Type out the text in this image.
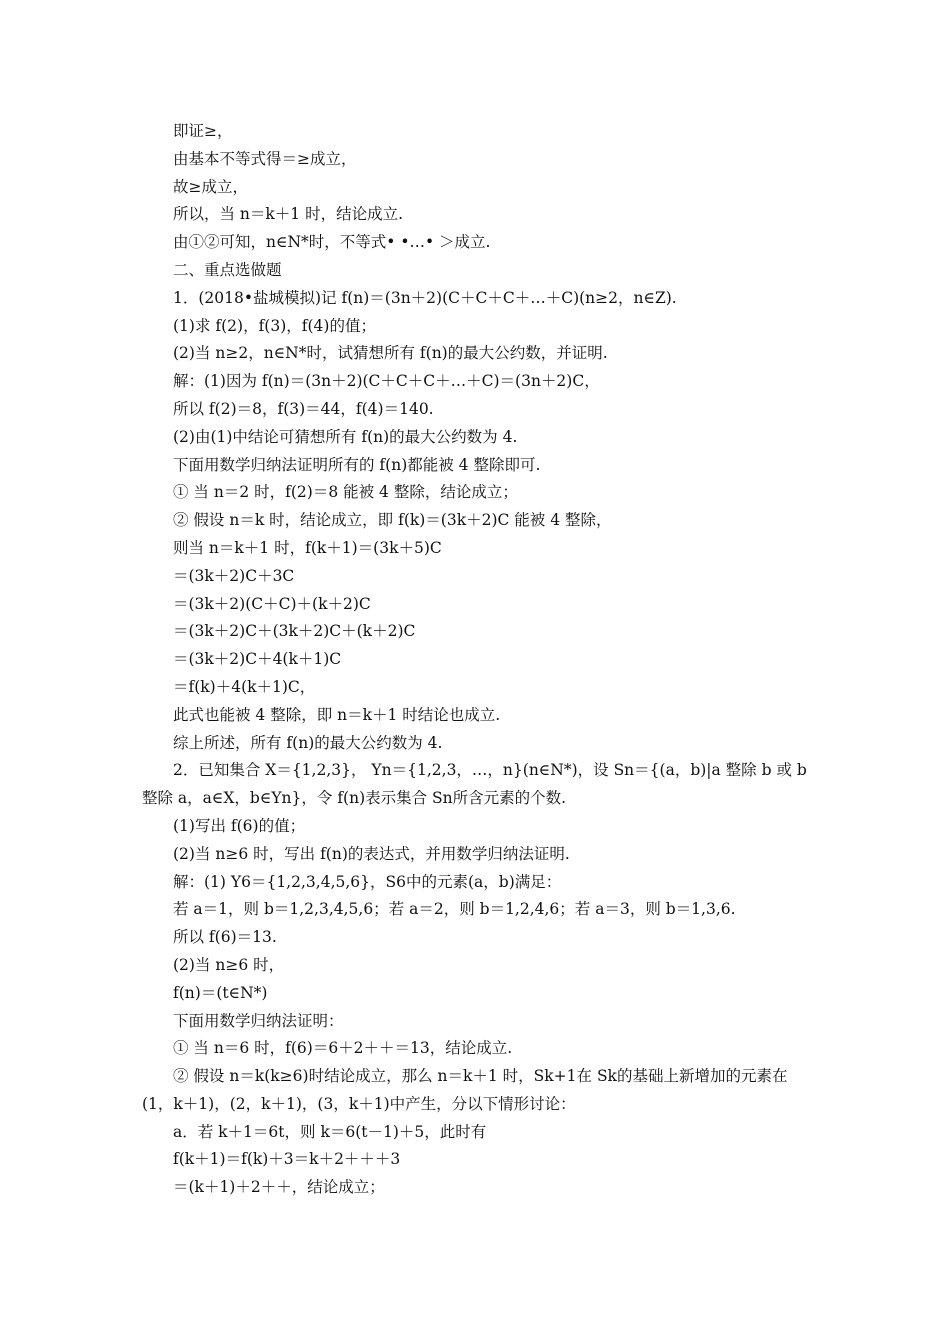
即证≥，
由基本不等式得＝≥成立，
故≥成立，
所以，当 n＝k＋1 时，结论成立.
由①②可知，n∈N*时，不等式• •…• ＞成立.
二、重点选做题
1．(2018•盐城模拟)记 f(n)＝(3n＋2)(C＋C＋C＋…＋C)(n≥2，n∈Z).
(1)求 f(2)，f(3)，f(4)的值；
(2)当 n≥2，n∈N*时，试猜想所有 f(n)的最大公约数，并证明.
解：(1)因为 f(n)＝(3n＋2)(C＋C＋C＋…＋C)＝(3n＋2)C，
所以 f(2)＝8，f(3)＝44，f(4)＝140.
(2)由(1)中结论可猜想所有 f(n)的最大公约数为 4.
下面用数学归纳法证明所有的 f(n)都能被 4 整除即可.
① 当 n＝2 时，f(2)＝8 能被 4 整除，结论成立；
② 假设 n＝k 时，结论成立，即 f(k)＝(3k＋2)C 能被 4 整除，
则当 n＝k＋1 时，f(k＋1)＝(3k＋5)C
＝(3k＋2)C＋3C
＝(3k＋2)(C＋C)＋(k＋2)C
＝(3k＋2)C＋(3k＋2)C＋(k＋2)C
＝(3k＋2)C＋4(k＋1)C
＝f(k)＋4(k＋1)C，
此式也能被 4 整除，即 n＝k＋1 时结论也成立.
综上所述，所有 f(n)的最大公约数为 4.
2．已知集合 X＝{1,2,3}， Yn＝{1,2,3，…，n}(n∈N*)，设 Sn＝{(a，b)|a 整除 b 或 b
整除 a，a∈X，b∈Yn}，令 f(n)表示集合 Sn所含元素的个数.
(1)写出 f(6)的值；
(2)当 n≥6 时，写出 f(n)的表达式，并用数学归纳法证明.
解：(1) Y6＝{1,2,3,4,5,6}，S6中的元素(a，b)满足：
若 a＝1，则 b＝1,2,3,4,5,6；若 a＝2，则 b＝1,2,4,6；若 a＝3，则 b＝1,3,6.
所以 f(6)＝13.
(2)当 n≥6 时，
f(n)＝(t∈N*)
下面用数学归纳法证明：
① 当 n＝6 时，f(6)＝6＋2＋＋＝13，结论成立.
② 假设 n＝k(k≥6)时结论成立，那么 n＝k＋1 时，Sk+1在 Sk的基础上新增加的元素在
(1，k＋1)，(2，k＋1)，(3，k＋1)中产生，分以下情形讨论：
a．若 k＋1＝6t，则 k＝6(t－1)＋5，此时有
f(k＋1)＝f(k)＋3＝k＋2＋＋＋3
＝(k＋1)＋2＋＋，结论成立；
